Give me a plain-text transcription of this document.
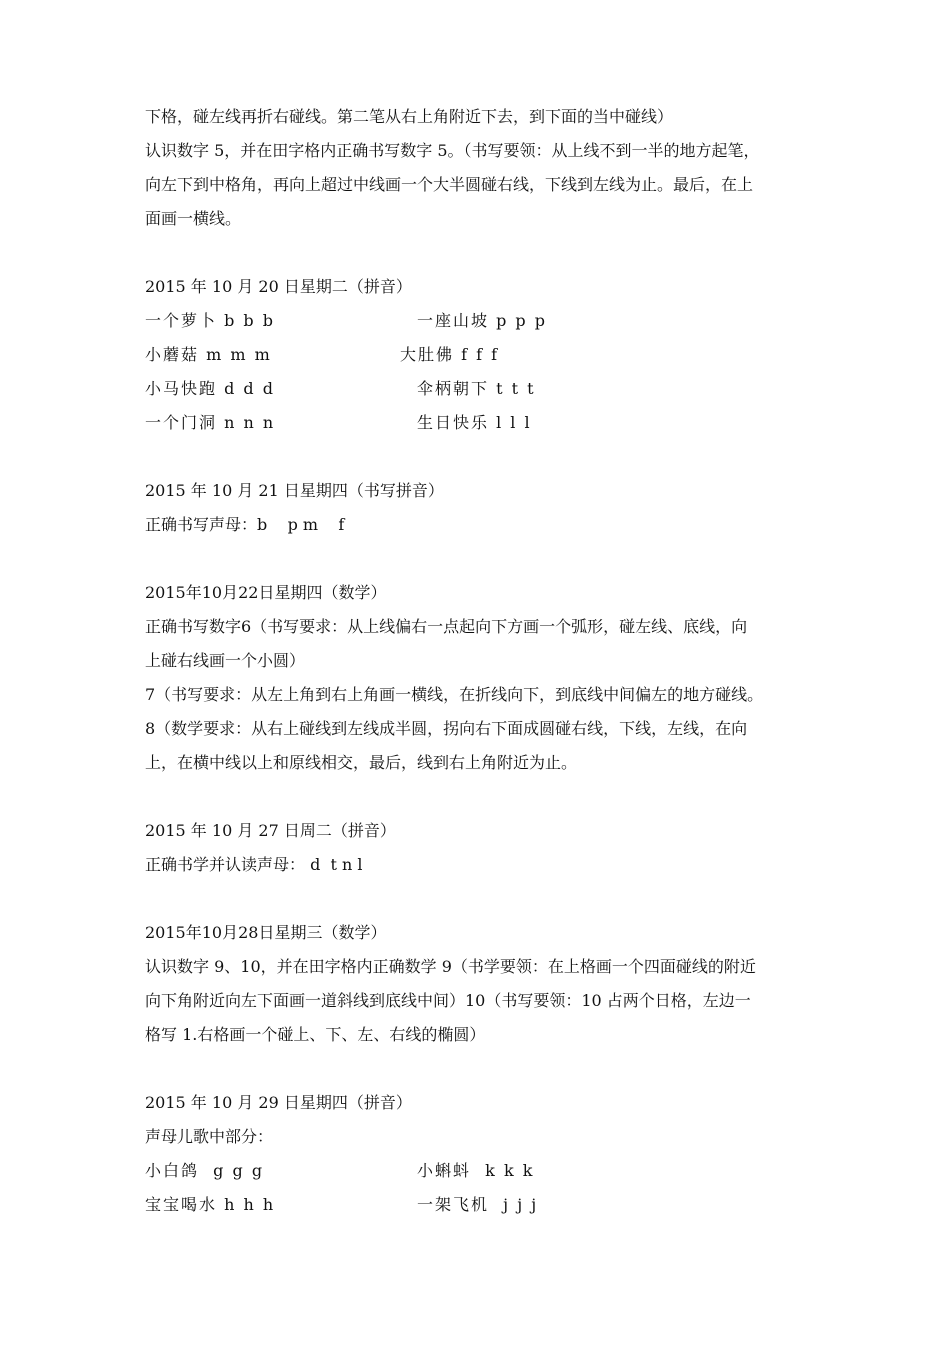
下格，碰左线再折右碰线。第二笔从右上角附近下去，到下面的当中碰线）
认识数字 5，并在田字格内正确书写数字 5。（书写要领：从上线不到一半的地方起笔，
向左下到中格角，再向上超过中线画一个大半圆碰右线，下线到左线为止。最后，在上
面画一横线。
2015 年 10 月 20 日星期二（拼音）
一个萝卜 b b b	一座山坡 p p p
小蘑菇 m m m	大肚佛 f f f
小马快跑 d d d	伞柄朝下 t t t
一个门洞 n n n	生日快乐 l l l
2015 年 10 月 21 日星期四（书写拼音）
正确书写声母：b    p m    f
2015年10月22日星期四（数学）
正确书写数字6（书写要求：从上线偏右一点起向下方画一个弧形，碰左线、底线，向
上碰右线画一个小圆）
7（书写要求：从左上角到右上角画一横线，在折线向下，到底线中间偏左的地方碰线。
8（数学要求：从右上碰线到左线成半圆，拐向右下面成圆碰右线，下线，左线，在向
上，在横中线以上和原线相交，最后，线到右上角附近为止。
2015 年 10 月 27 日周二（拼音）
正确书学并认读声母： d  t n l
2015年10月28日星期三（数学）
认识数字 9、10，并在田字格内正确数学 9（书学要领：在上格画一个四面碰线的附近
向下角附近向左下面画一道斜线到底线中间）10（书写要领：10 占两个日格，左边一
格写 1.右格画一个碰上、下、左、右线的椭圆）
2015 年 10 月 29 日星期四（拼音）
声母儿歌中部分：
小白鸽  g g g	小蝌蚪  k k k
宝宝喝水 h h h	一架飞机  j j j
